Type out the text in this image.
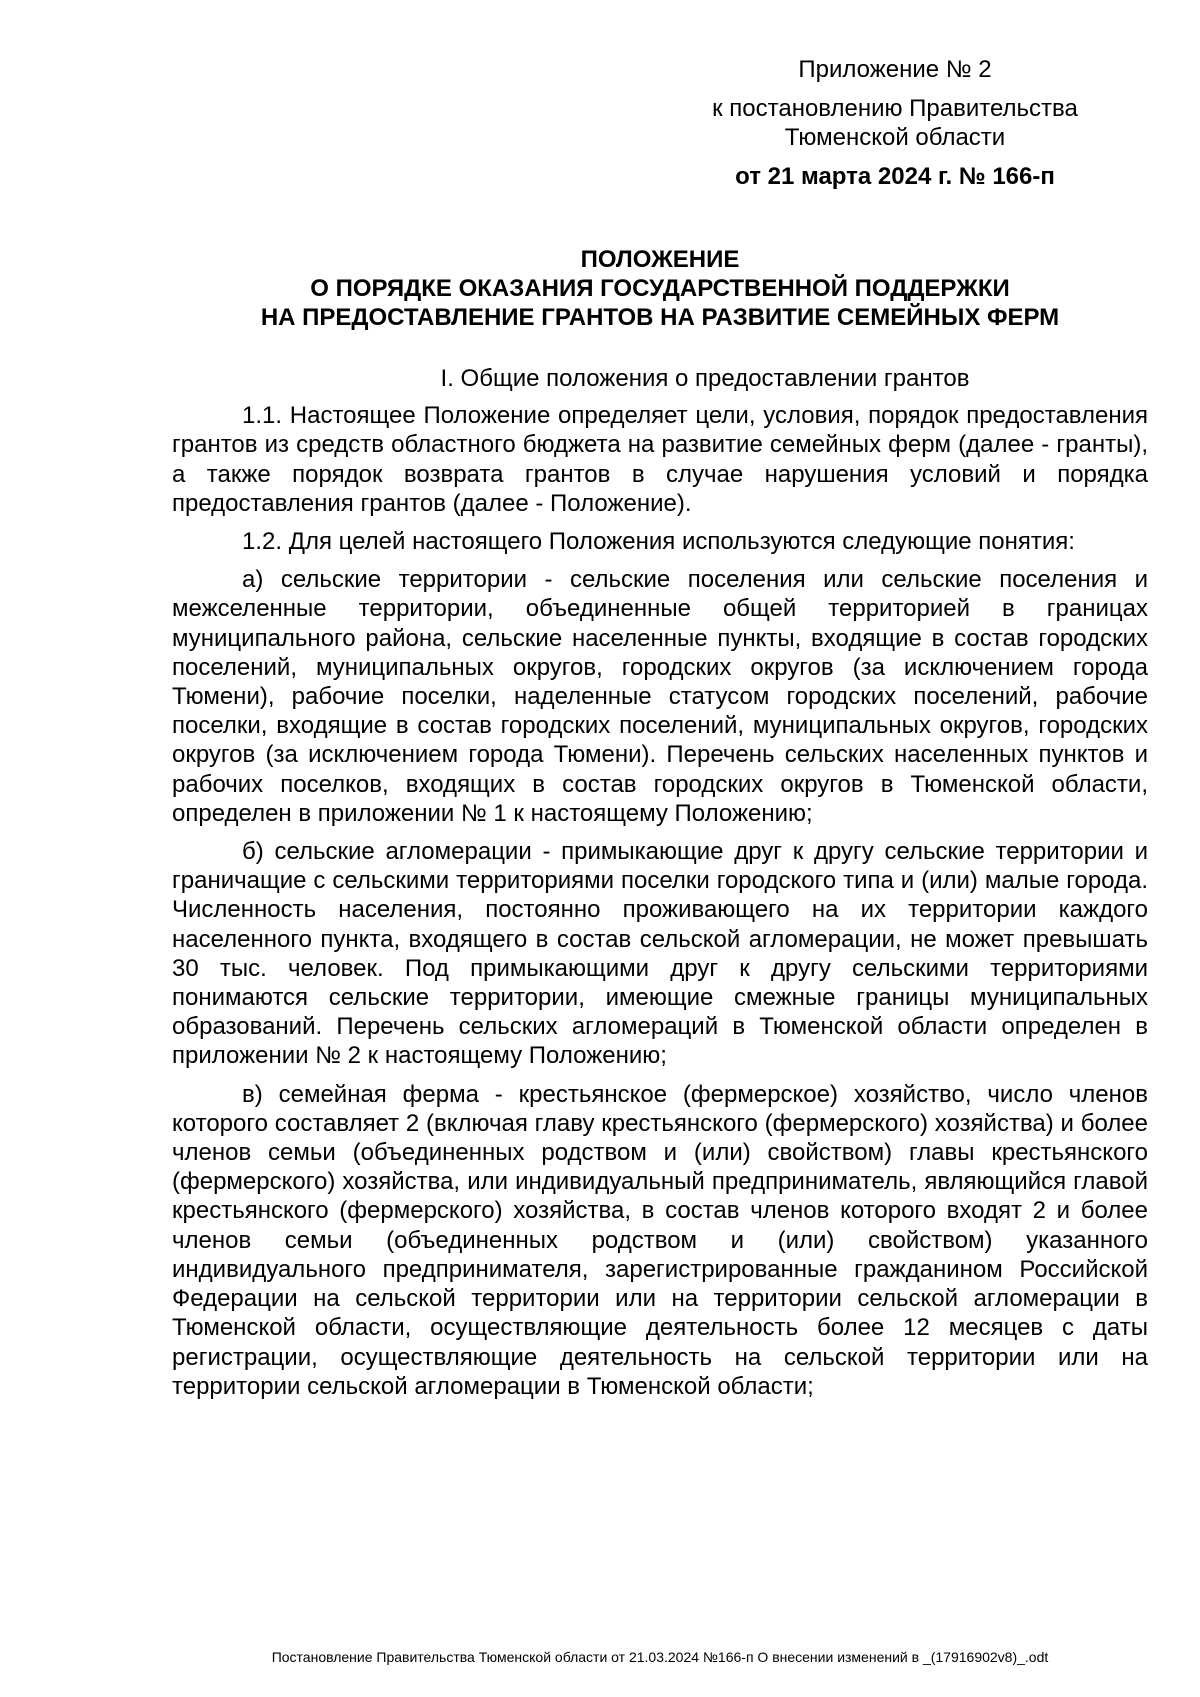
Приложение № 2
к постановлению Правительства
Тюменской области
от 21 марта 2024 г. № 166-п
ПОЛОЖЕНИЕ
О ПОРЯДКЕ ОКАЗАНИЯ ГОСУДАРСТВЕННОЙ ПОДДЕРЖКИ
НА ПРЕДОСТАВЛЕНИЕ ГРАНТОВ НА РАЗВИТИЕ СЕМЕЙНЫХ ФЕРМ

I. Общие положения о предоставлении грантов

1.1. Настоящее Положение определяет цели, условия, порядок предоставления грантов из средств областного бюджета на развитие семейных ферм (далее - гранты), а также порядок возврата грантов в случае нарушения условий и порядка предоставления грантов (далее - Положение).

1.2. Для целей настоящего Положения используются следующие понятия:

а) сельские территории - сельские поселения или сельские поселения и межселенные территории, объединенные общей территорией в границах муниципального района, сельские населенные пункты, входящие в состав городских поселений, муниципальных округов, городских округов (за исключением города Тюмени), рабочие поселки, наделенные статусом городских поселений, рабочие поселки, входящие в состав городских поселений, муниципальных округов, городских округов (за исключением города Тюмени). Перечень сельских населенных пунктов и рабочих поселков, входящих в состав городских округов в Тюменской области, определен в приложении № 1 к настоящему Положению;

б) сельские агломерации - примыкающие друг к другу сельские территории и граничащие с сельскими территориями поселки городского типа и (или) малые города. Численность населения, постоянно проживающего на их территории каждого населенного пункта, входящего в состав сельской агломерации, не может превышать 30 тыс. человек. Под примыкающими друг к другу сельскими территориями понимаются сельские территории, имеющие смежные границы муниципальных образований. Перечень сельских агломераций в Тюменской области определен в приложении № 2 к настоящему Положению;

в) семейная ферма - крестьянское (фермерское) хозяйство, число членов которого составляет 2 (включая главу крестьянского (фермерского) хозяйства) и более членов семьи (объединенных родством и (или) свойством) главы крестьянского (фермерского) хозяйства, или индивидуальный предприниматель, являющийся главой крестьянского (фермерского) хозяйства, в состав членов которого входят 2 и более членов семьи (объединенных родством и (или) свойством) указанного индивидуального предпринимателя, зарегистрированные гражданином Российской Федерации на сельской территории или на территории сельской агломерации в Тюменской области, осуществляющие деятельность более 12 месяцев с даты регистрации, осуществляющие деятельность на сельской территории или на территории сельской агломерации в Тюменской области;

Постановление Правительства Тюменской области от 21.03.2024 №166-п О внесении изменений в _(17916902v8)_.odt
